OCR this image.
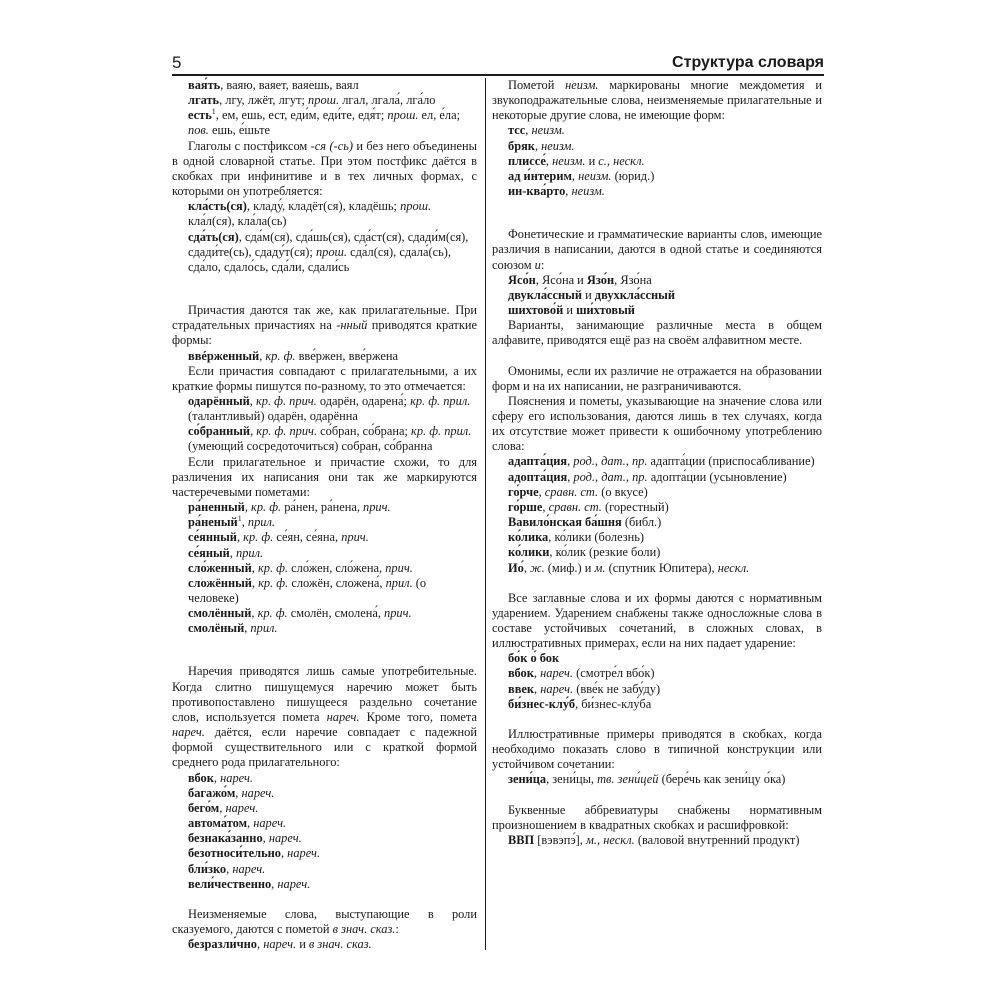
5	Структура словаря
вая́ть, ваяю, ваяет, ваяешь, ваял
лгать, лгу, лжёт, лгут; прош. лгал, лгала́, лга́ло
есть$^1$, ем, ешь, ест, еди́м, еди́те, едя́т; прош. ел, е́ла; пов. ешь, е́шьте
Глаголы с постфиксом -ся (-сь) и без него объединены в одной словарной статье. При этом постфикс даётся в скобках при инфинитиве и в тех личных формах, с которыми он употребляется:
кла́сть(ся), кладу́, кладёт(ся), кладёшь; прош. кла́л(ся), кла́ла(сь)
сда́ть(ся), сда́м(ся), сда́шь(ся), сда́ст(ся), сдади́м(ся), сдади́те(сь), сдаду́т(ся); прош. сда́л(ся), сдала́(сь), сда́ло, сдало́сь, сда́ли, сдали́сь
Причастия даются так же, как прилагательные. При страдательных причастиях на -нный приводятся краткие формы:
ввéрженный, кр. ф. вве́ржен, вве́ржена
Если причастия совпадают с прилагательными, а их краткие формы пишутся по-разному, то это отмечается:
одарённый, кр. ф. прич. одарён, одарена́; кр. ф. прил. (талантливый) одарён, одарённа
со́бранный, кр. ф. прич. со́бран, со́брана; кр. ф. прил. (умеющий сосредоточиться) собран, со́бранна
Если прилагательное и причастие схожи, то для различения их написания они так же маркируются частеречевыми пометами:
ра́ненный, кр. ф. ра́нен, ра́нена, прич.
ра́неный$^1$, прил.
се́янный, кр. ф. се́ян, се́яна, прич.
се́яный, прил.
сло́женный, кр. ф. сло́жен, сло́жена, прич.
сложённый, кр. ф. сложён, сложена́, прил. (о человеке)
смолённый, кр. ф. смолён, смолена́, прич.
смолёный, прил.
Наречия приводятся лишь самые употребительные. Когда слитно пишущемуся наречию может быть противопоставлено пишущееся раздельно сочетание слов, используется помета нареч. Кроме того, помета нареч. даётся, если наречие совпадает с падежной формой существительного или с краткой формой среднего рода прилагательного:
вбок, нареч.
багажо́м, нареч.
бего́м, нареч.
автома́том, нареч.
безнака́занно, нареч.
безотноси́тельно, нареч.
бли́зко, нареч.
вели́чественно, нареч.
Неизменяемые слова, выступающие в роли сказуемого, даются с пометой в знач. сказ.:
безразли́чно, нареч. и в знач. сказ.
Пометой неизм. маркированы многие междометия и звукоподражательные слова, неизменяемые прилагательные и некоторые другие слова, не имеющие форм:
тсс, неизм.
бряк, неизм.
плиссе́, неизм. и с., нескл.
ад и́нтерим, неизм. (юрид.)
ин-ква́рто, неизм.
Фонетические и грамматические варианты слов, имеющие различия в написании, даются в одной статье и соединяются союзом и:
Ясо́н, Ясо́на и Язо́н, Язо́на
двукла́ссный и двухкла́ссный
шихтово́й и ши́хтовый
Варианты, занимающие различные места в общем алфавите, приводятся ещё раз на своём алфавитном месте.
Омонимы, если их различие не отражается на образовании форм и на их написании, не разграничиваются.
Пояснения и пометы, указывающие на значение слова или сферу его использования, даются лишь в тех случаях, когда их отсутствие может привести к ошибочному употреблению слова:
адапта́ция, род., дат., пр. адапта́ции (приспосабливание)
адопта́ция, род., дат., пр. адопта́ции (усыновление)
го́рче, сравн. ст. (о вкусе)
го́рше, сравн. ст. (горестный)
Вавило́нская ба́шня (библ.)
ко́лика, ко́лики (болезнь)
ко́лики, ко́лик (резкие боли)
Ио́, ж. (миф.) и м. (спутник Юпитера), нескл.
Все заглавные слова и их формы даются с нормативным ударением. Ударением снабжены также односложные слова в составе устойчивых сочетаний, в сложных словах, в иллюстративных примерах, если на них падает ударение:
бо́к о́ бок
вбок, нареч. (смотре́л вбо́к)
ввек, нареч. (вве́к не забу́ду)
би́знес-клу́б, би́знес-клу́ба
Иллюстративные примеры приводятся в скобках, когда необходимо показать слово в типичной конструкции или устойчивом сочетании:
зени́ца, зени́цы, тв. зени́цей (бере́чь как зени́цу о́ка)
Буквенные аббревиатуры снабжены нормативным произношением в квадратных скобках и расшифровкой:
ВВП [вэвэпэ́], м., нескл. (валовой внутренний продукт)
